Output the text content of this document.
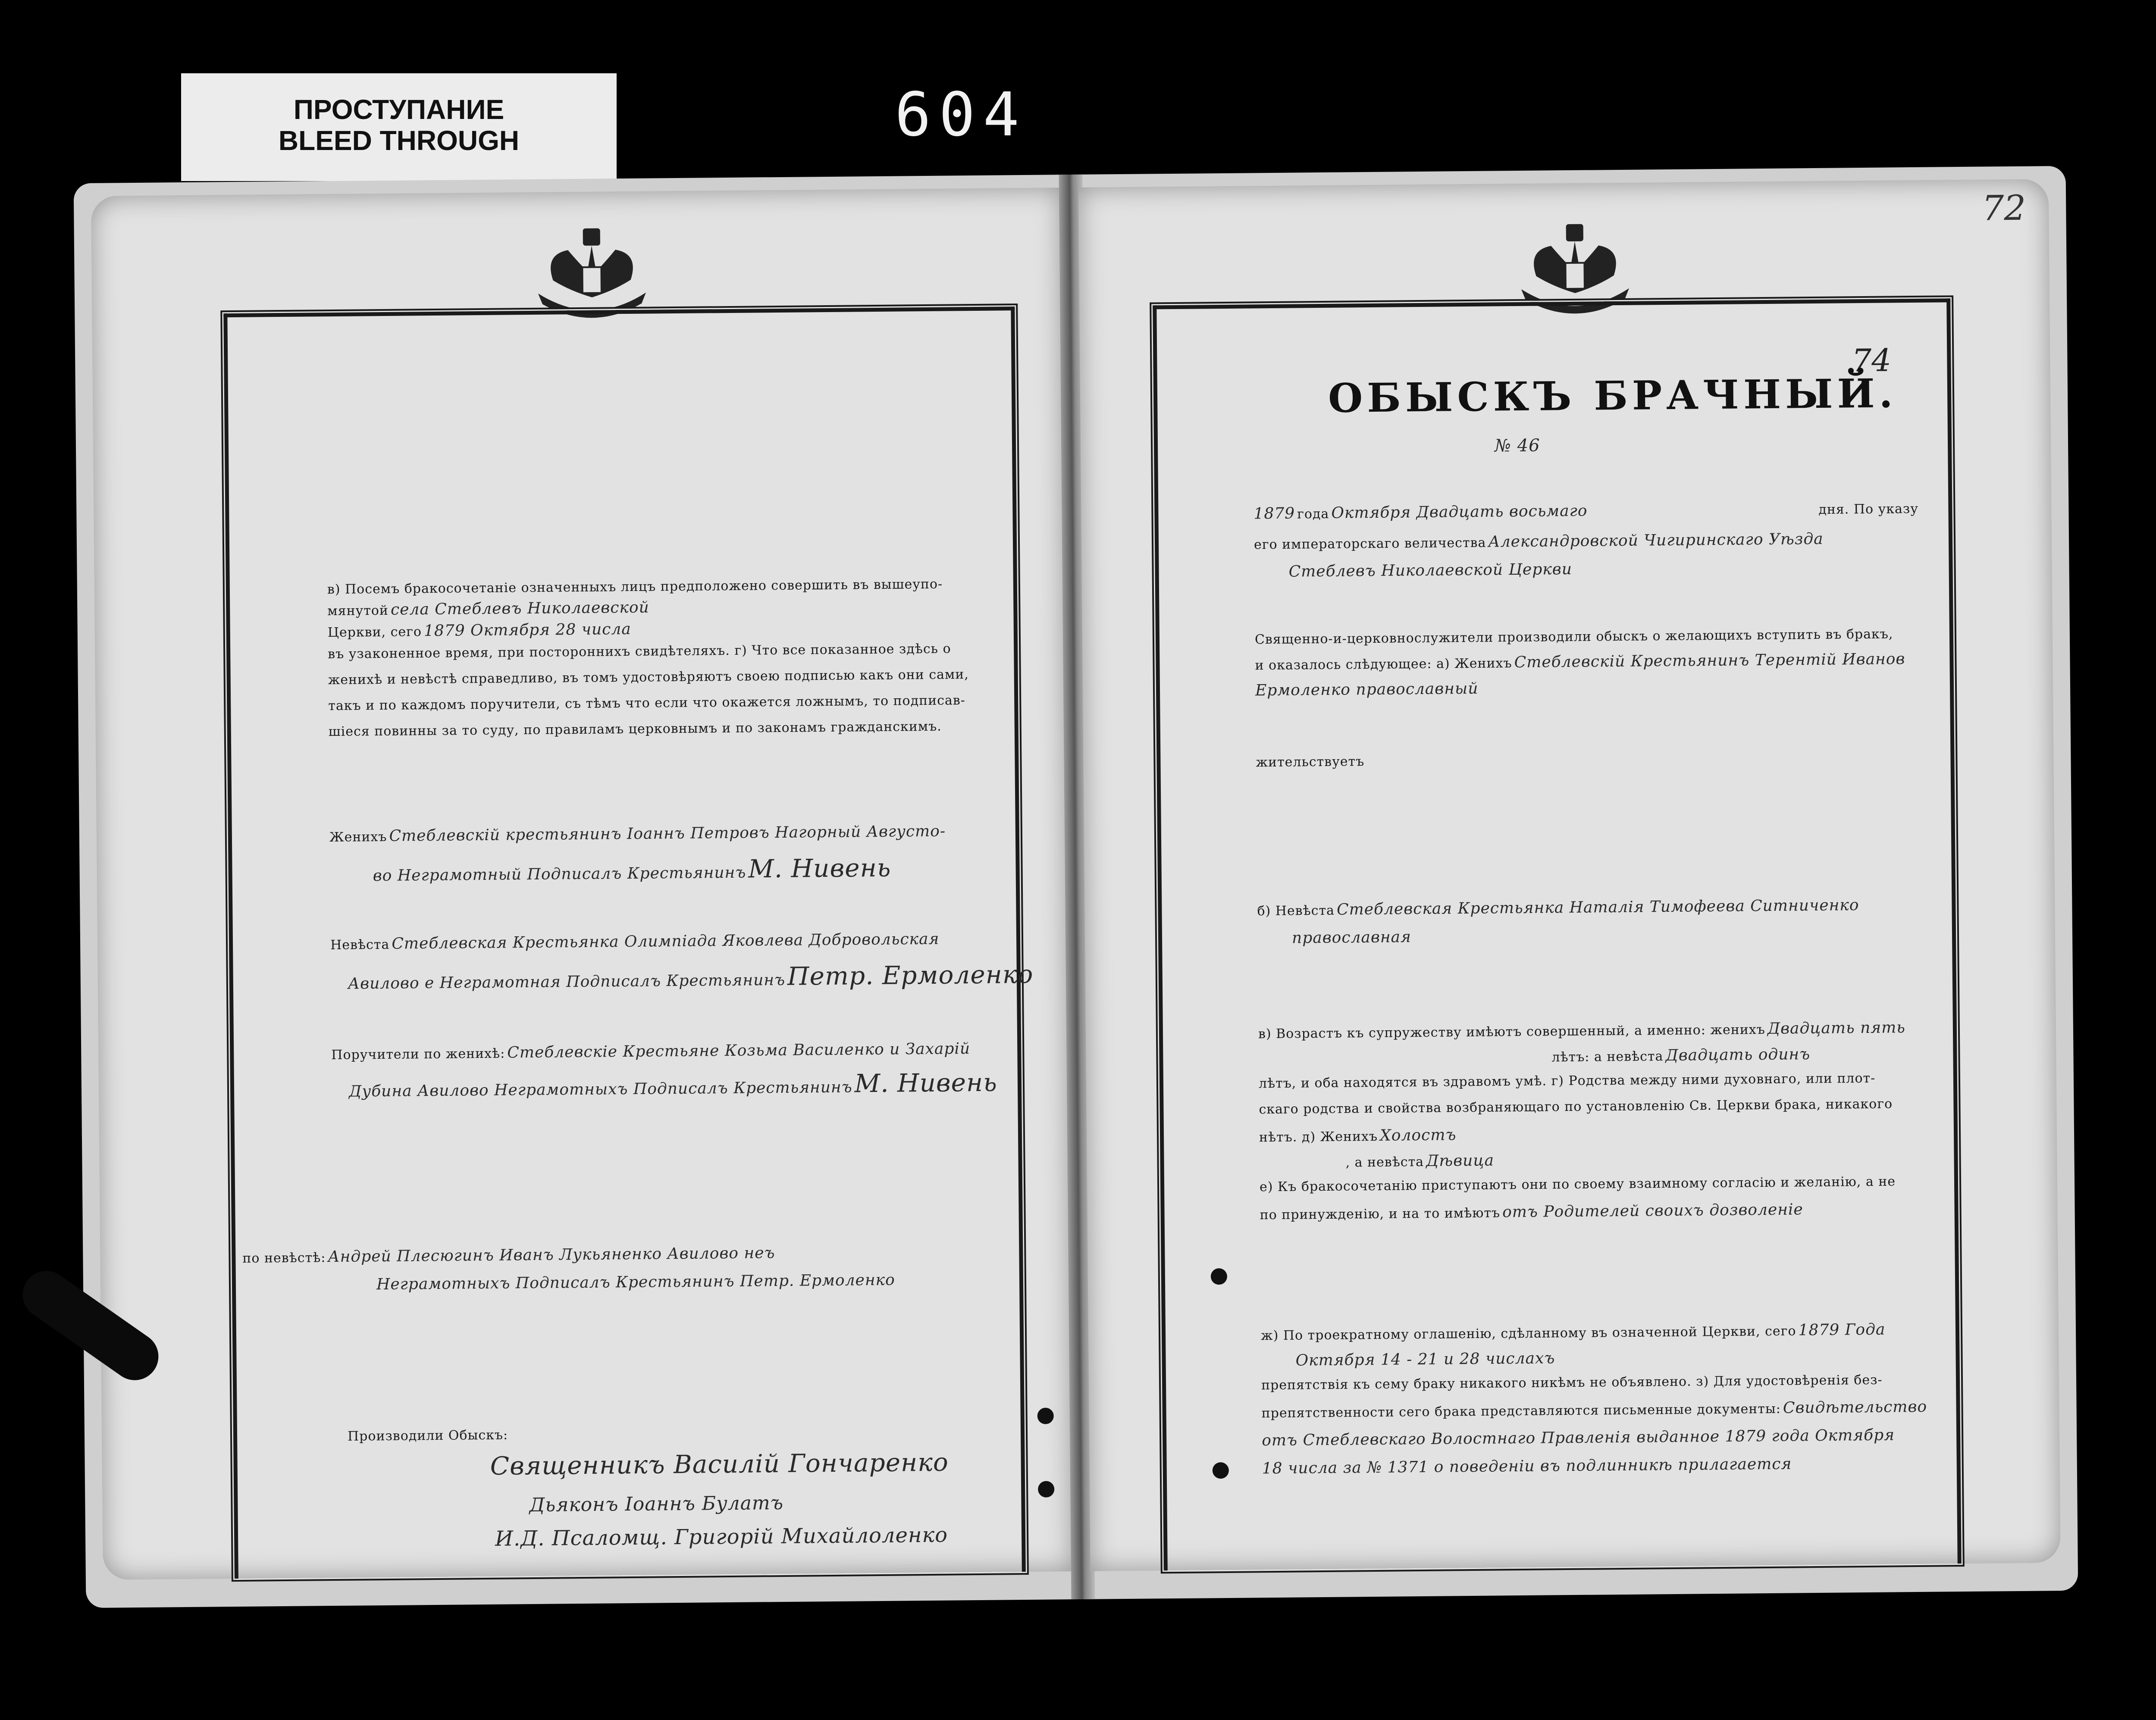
ПРОСТУПАНИЕ
BLEED THROUGH	604
в) Посемъ бракосочетанiе означенныхъ лицъ предположено совершить въ вышеупо-
мянутой села Стеблевъ Николаевской
Церкви, сего 1879 Октября 28 числа
въ узаконенное время, при постороннихъ свидѣтеляхъ. г) Что все показанное здѣсь о
женихѣ и невѣстѣ справедливо, въ томъ удостовѣряютъ своею подписью какъ они сами,
такъ и по каждомъ поручители, съ тѣмъ что если что окажется ложнымъ, то подписав-
шiеся повинны за то суду, по правиламъ церковнымъ и по законамъ гражданскимъ.
Женихъ Стеблевскiй крестьянинъ Iоаннъ Петровъ Нагорный Августо-
во Неграмотный Подписалъ Крестьянинъ М. Нивень
Невѣста Стеблевская Крестьянка Олимпiада Яковлева Добровольская
Авилово е Неграмотная Подписалъ Крестьянинъ Петр. Ермоленко
Поручители по женихѣ: Стеблевскiе Крестьяне Козьма Василенко и Захарiй
Дубина Авилово Неграмотныхъ Подписалъ Крестьянинъ М. Нивень
по невѣстѣ: Андрей Плесюгинъ Иванъ Лукьяненко Авилово неъ
Неграмотныхъ Подписалъ Крестьянинъ Петр. Ермоленко
Производили Обыскъ:
Священникъ Василiй Гончаренко
Дьяконъ Iоаннъ Булатъ
И.Д. Псаломщ. Григорiй Михайлоленко
72
74
ОБЫСКЪ БРАЧНЫЙ.
№ 46
1879 года Октября Двадцать восьмаго	дня. По указу
его императорскаго величества Александровской Чигиринскаго Уѣзда
Стеблевъ Николаевской Церкви
Священно-и-церковнослужители производили обыскъ о желающихъ вступить въ бракъ,
и оказалось слѣдующее: а) Женихъ Стеблевскiй Крестьянинъ Терентiй Иванов
Ермоленко православный
жительствуетъ
б) Невѣста Стеблевская Крестьянка Наталiя Тимофеева Ситниченко
православная
в) Возрастъ къ супружеству имѣютъ совершенный, а именно: женихъ Двадцать пять
лѣтъ: а невѣста Двадцать одинъ
лѣтъ, и оба находятся въ здравомъ умѣ. г) Родства между ними духовнаго, или плот-
скаго родства и свойства возбраняющаго по установленiю Св. Церкви брака, никакого
нѣтъ. д) Женихъ Холостъ
, а невѣста Дѣвица
е) Къ бракосочетанiю приступаютъ они по своему взаимному согласiю и желанiю, а не
по принужденiю, и на то имѣютъ отъ Родителей своихъ дозволенiе
ж) По троекратному оглашенiю, сдѣланному въ означенной Церкви, сего 1879 Года
Октября 14 - 21 и 28 числахъ
препятствiя къ сему браку никакого никѣмъ не объявлено. з) Для удостовѣренiя без-
препятственности сего брака представляются письменные документы: Свидѣтельство
отъ Стеблевскаго Волостнаго Правленiя выданное 1879 года Октября
18 числа за № 1371 о поведенiи въ подлинникѣ прилагается
